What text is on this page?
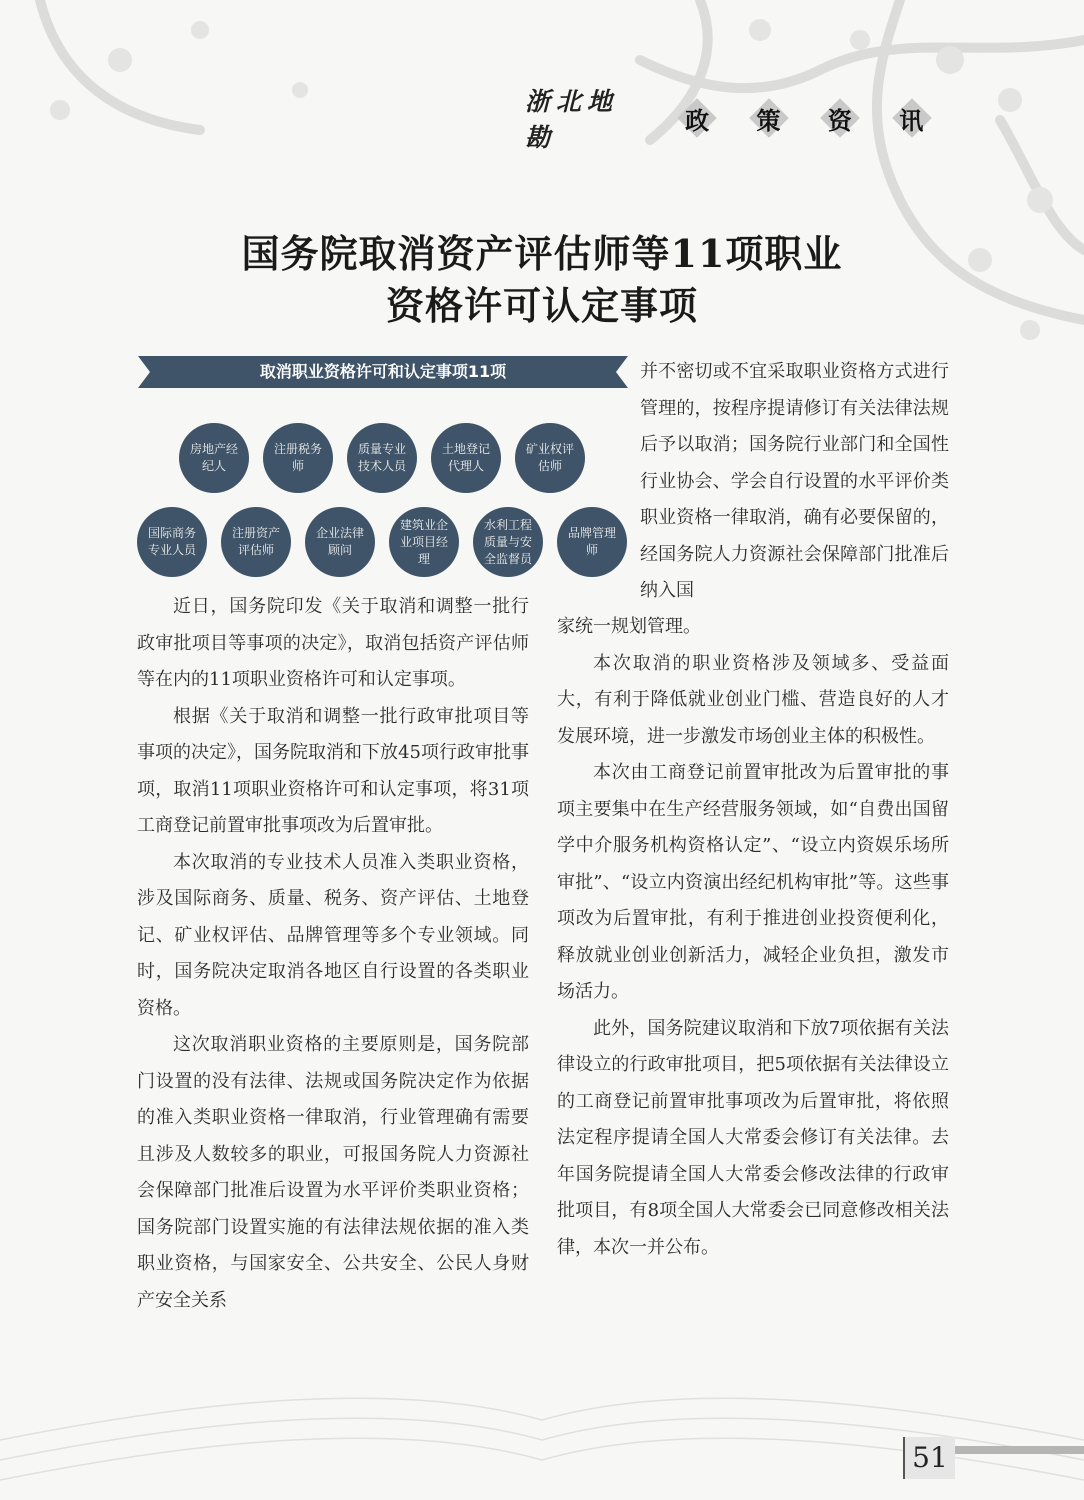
浙北地勘
政 策 资 讯
国务院取消资产评估师等11项职业
资格许可认定事项
取消职业资格许可和认定事项11项
房地产经纪人
注册税务师
质量专业技术人员
土地登记代理人
矿业权评估师
国际商务专业人员
注册资产评估师
企业法律顾问
建筑业企业项目经理
水利工程质量与安全监督员
品牌管理师

近日，国务院印发《关于取消和调整一批行政审批项目等事项的决定》，取消包括资产评估师等在内的11项职业资格许可和认定事项。

根据《关于取消和调整一批行政审批项目等事项的决定》，国务院取消和下放45项行政审批事项，取消11项职业资格许可和认定事项，将31项工商登记前置审批事项改为后置审批。

本次取消的专业技术人员准入类职业资格，涉及国际商务、质量、税务、资产评估、土地登记、矿业权评估、品牌管理等多个专业领域。同时，国务院决定取消各地区自行设置的各类职业资格。

这次取消职业资格的主要原则是，国务院部门设置的没有法律、法规或国务院决定作为依据的准入类职业资格一律取消，行业管理确有需要且涉及人数较多的职业，可报国务院人力资源社会保障部门批准后设置为水平评价类职业资格；国务院部门设置实施的有法律法规依据的准入类职业资格，与国家安全、公共安全、公民人身财产安全关系

并不密切或不宜采取职业资格方式进行管理的，按程序提请修订有关法律法规后予以取消；国务院行业部门和全国性行业协会、学会自行设置的水平评价类职业资格一律取消，确有必要保留的，经国务院人力资源社会保障部门批准后纳入国

家统一规划管理。

本次取消的职业资格涉及领域多、受益面大，有利于降低就业创业门槛、营造良好的人才发展环境，进一步激发市场创业主体的积极性。

本次由工商登记前置审批改为后置审批的事项主要集中在生产经营服务领域，如“自费出国留学中介服务机构资格认定”、“设立内资娱乐场所审批”、“设立内资演出经纪机构审批”等。这些事项改为后置审批，有利于推进创业投资便利化，释放就业创业创新活力，减轻企业负担，激发市场活力。

此外，国务院建议取消和下放7项依据有关法律设立的行政审批项目，把5项依据有关法律设立的工商登记前置审批事项改为后置审批，将依照法定程序提请全国人大常委会修订有关法律。去年国务院提请全国人大常委会修改法律的行政审批项目，有8项全国人大常委会已同意修改相关法律，本次一并公布。

51
